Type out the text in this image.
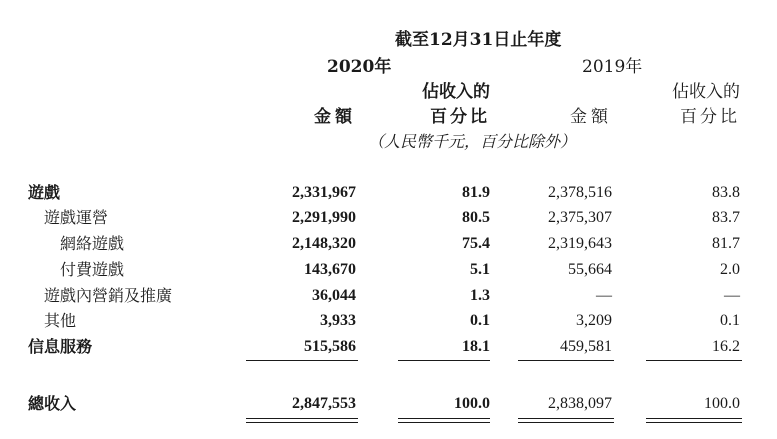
截至12月31日止年度
2020年	2019年
佔收入的	佔收入的
金額	百分比	金額	百分比
（人民幣千元，百分比除外）
遊戲	2,331,967	81.9	2,378,516	83.8
遊戲運營	2,291,990	80.5	2,375,307	83.7
網絡遊戲	2,148,320	75.4	2,319,643	81.7
付費遊戲	143,670	5.1	55,664	2.0
遊戲內營銷及推廣	36,044	1.3	—	—
其他	3,933	0.1	3,209	0.1
信息服務	515,586	18.1	459,581	16.2
總收入	2,847,553	100.0	2,838,097	100.0
